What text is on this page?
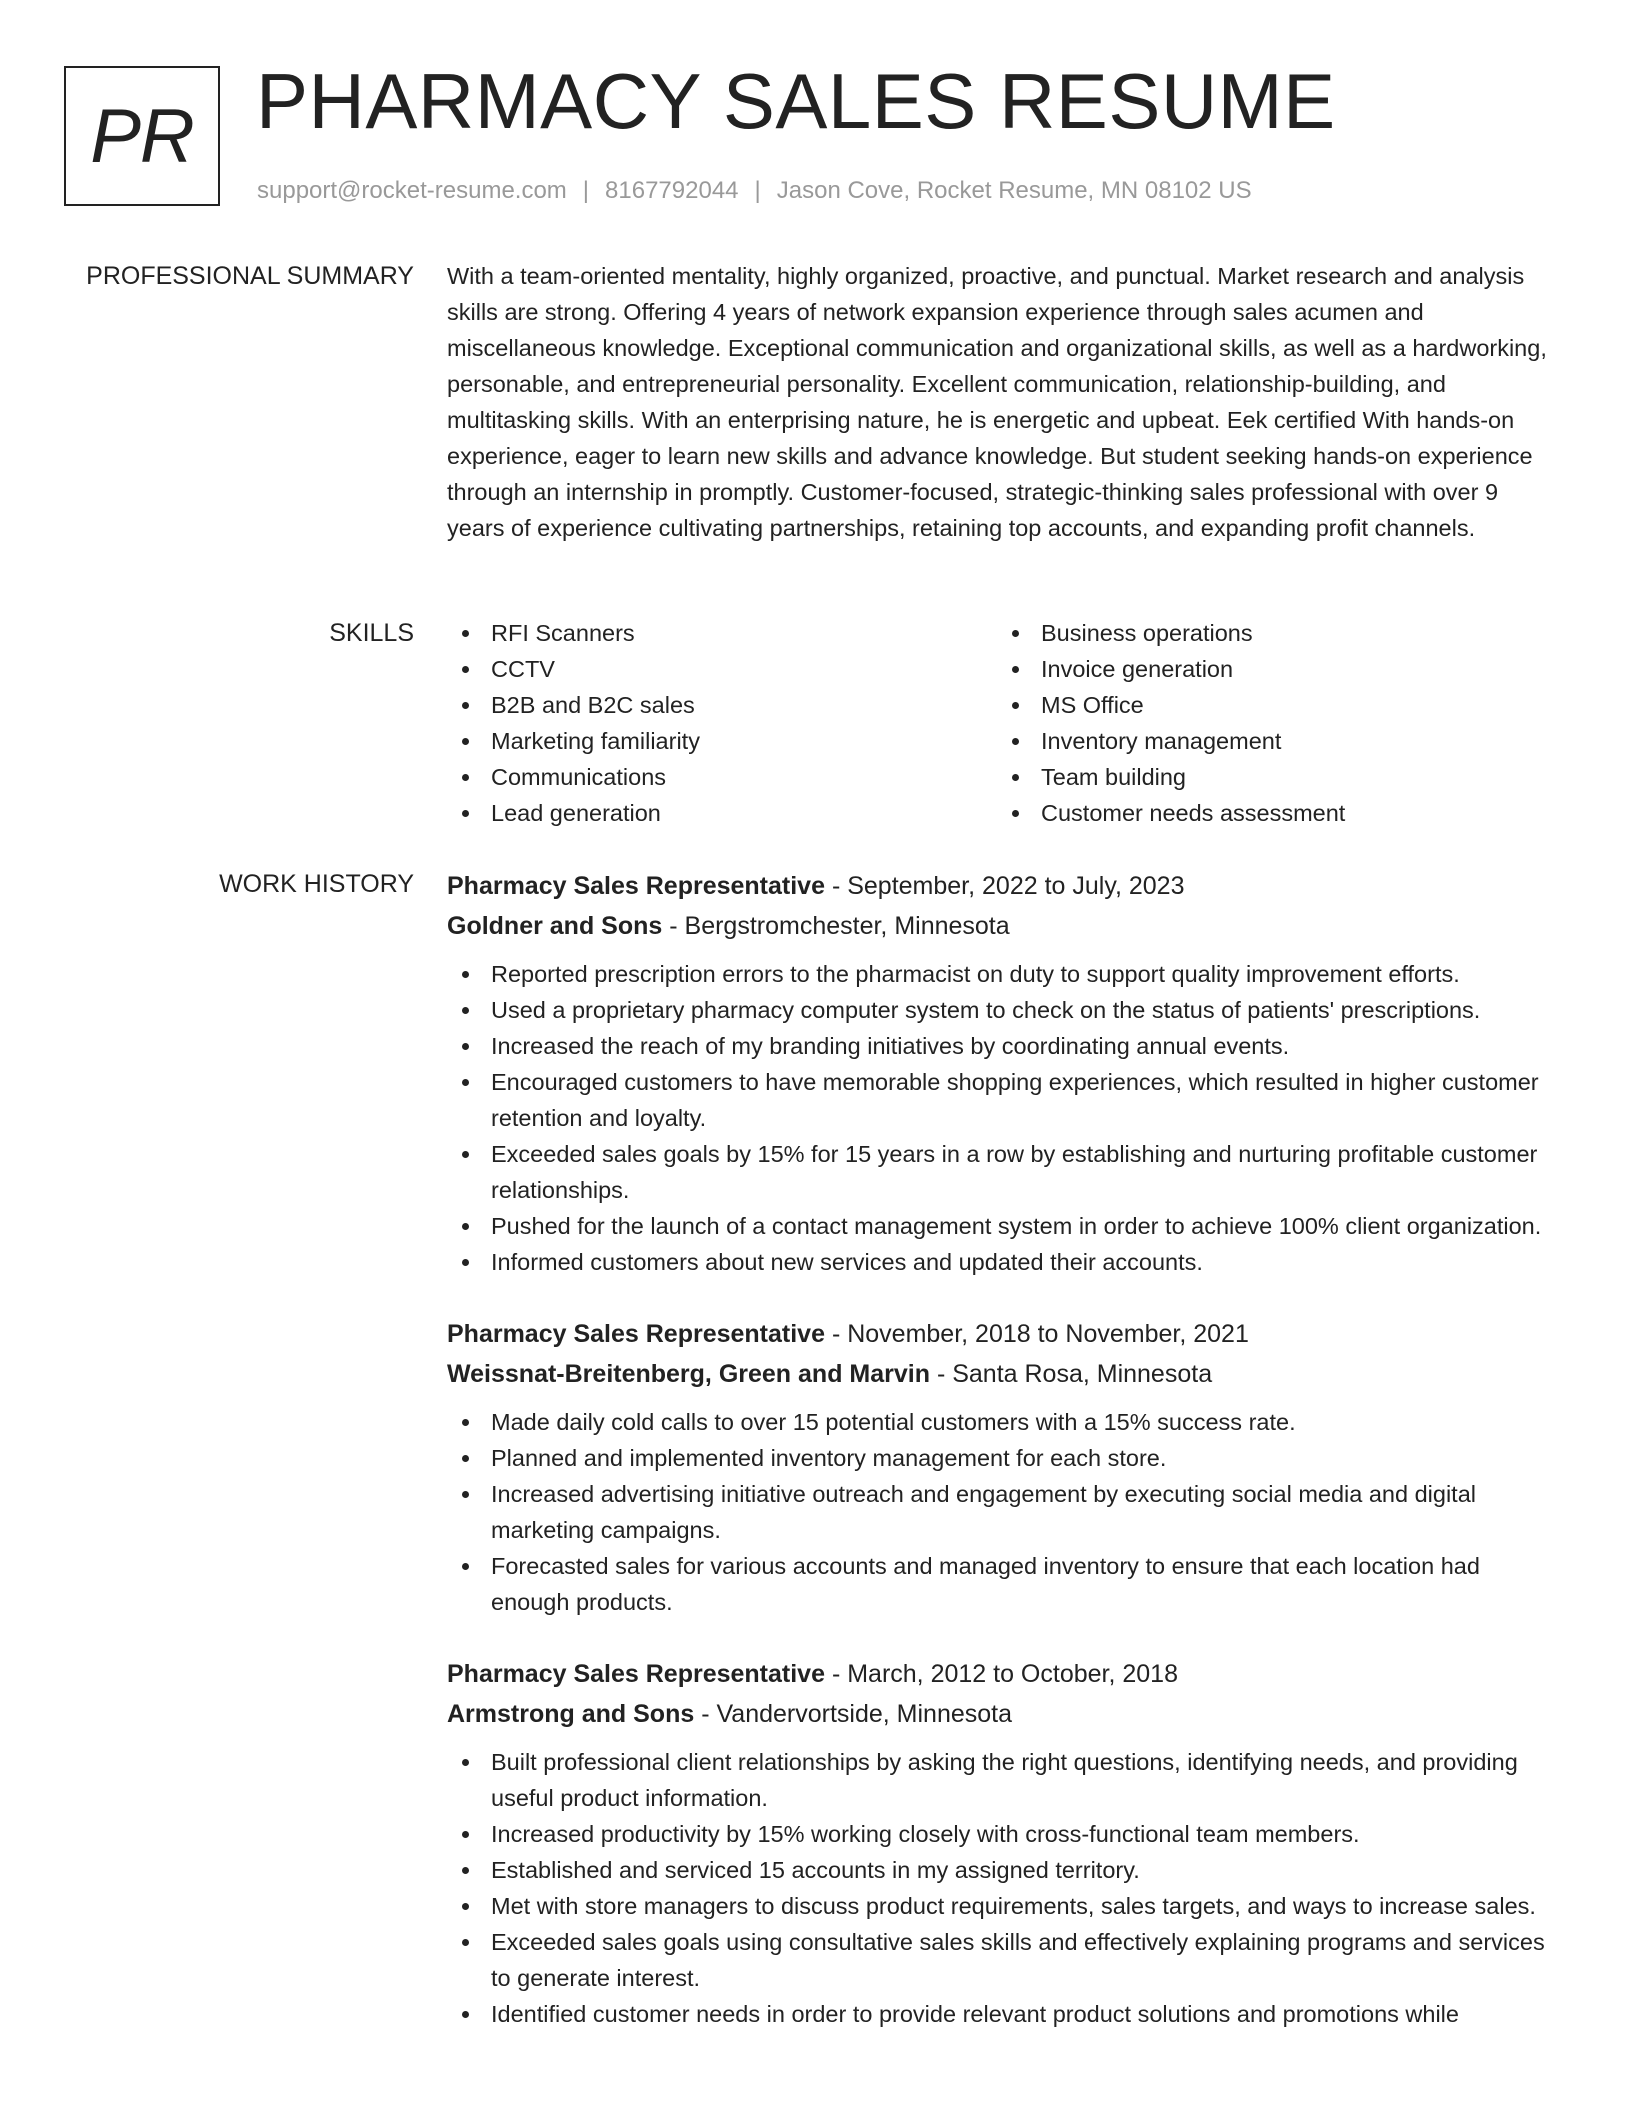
PR PHARMACY SALES RESUME
support@rocket-resume.com | 8167792044 | Jason Cove, Rocket Resume, MN 08102 US
PROFESSIONAL SUMMARY With a team-oriented mentality, highly organized, proactive, and punctual. Market research and analysis skills are strong. Offering 4 years of network expansion experience through sales acumen and miscellaneous knowledge. Exceptional communication and organizational skills, as well as a hardworking, personable, and entrepreneurial personality. Excellent communication, relationship-building, and multitasking skills. With an enterprising nature, he is energetic and upbeat. Eek certified With hands-on experience, eager to learn new skills and advance knowledge. But student seeking hands-on experience through an internship in promptly. Customer-focused, strategic-thinking sales professional with over 9 years of experience cultivating partnerships, retaining top accounts, and expanding profit channels.

SKILLS	RFI Scanners
CCTV
B2B and B2C sales
Marketing familiarity
Communications
Lead generation
Business operations
Invoice generation
MS Office
Inventory management
Team building
Customer needs assessment
WORK HISTORY Pharmacy Sales Representative - September, 2022 to July, 2023
Goldner and Sons - Bergstromchester, Minnesota
Reported prescription errors to the pharmacist on duty to support quality improvement efforts.
Used a proprietary pharmacy computer system to check on the status of patients' prescriptions.
Increased the reach of my branding initiatives by coordinating annual events.
Encouraged customers to have memorable shopping experiences, which resulted in higher customer retention and loyalty.
Exceeded sales goals by 15% for 15 years in a row by establishing and nurturing profitable customer relationships.
Pushed for the launch of a contact management system in order to achieve 100% client organization.
Informed customers about new services and updated their accounts.
Pharmacy Sales Representative - November, 2018 to November, 2021
Weissnat-Breitenberg, Green and Marvin - Santa Rosa, Minnesota
Made daily cold calls to over 15 potential customers with a 15% success rate.
Planned and implemented inventory management for each store.
Increased advertising initiative outreach and engagement by executing social media and digital marketing campaigns.
Forecasted sales for various accounts and managed inventory to ensure that each location had enough products.
Pharmacy Sales Representative - March, 2012 to October, 2018
Armstrong and Sons - Vandervortside, Minnesota
Built professional client relationships by asking the right questions, identifying needs, and providing useful product information.
Increased productivity by 15% working closely with cross-functional team members.
Established and serviced 15 accounts in my assigned territory.
Met with store managers to discuss product requirements, sales targets, and ways to increase sales.
Exceeded sales goals using consultative sales skills and effectively explaining programs and services to generate interest.
Identified customer needs in order to provide relevant product solutions and promotions while
